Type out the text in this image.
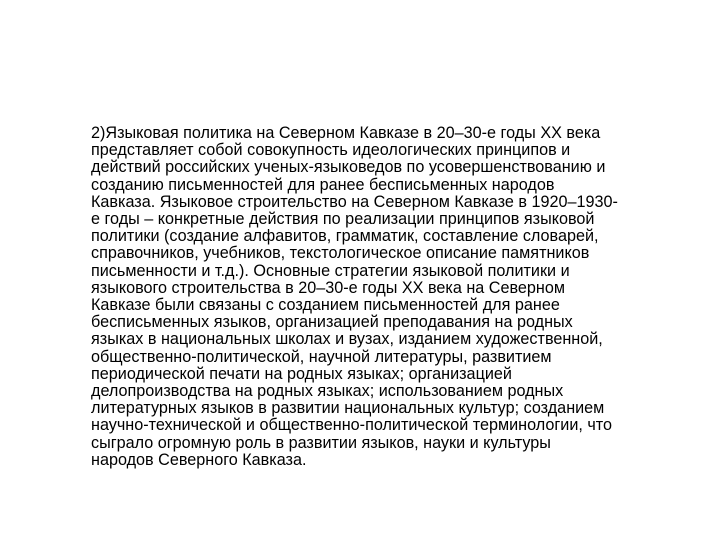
2)Языковая политика на Северном Кавказе в 20–30-е годы XX века
представляет собой совокупность идеологических принципов и
действий российских ученых-языковедов по усовершенствованию и
созданию письменностей для ранее бесписьменных народов
Кавказа. Языковое строительство на Северном Кавказе в 1920–1930-
е годы – конкретные действия по реализации принципов языковой
политики (создание алфавитов, грамматик, составление словарей,
справочников, учебников, текстологическое описание памятников
письменности и т.д.). Основные стратегии языковой политики и
языкового строительства в 20–30-е годы XX века на Северном
Кавказе были связаны с созданием письменностей для ранее
бесписьменных языков, организацией преподавания на родных
языках в национальных школах и вузах, изданием художественной,
общественно-политической, научной литературы, развитием
периодической печати на родных языках; организацией
делопроизводства на родных языках; использованием родных
литературных языков в развитии национальных культур; созданием
научно-технической и общественно-политической терминологии, что
сыграло огромную роль в развитии языков, науки и культуры
народов Северного Кавказа.
